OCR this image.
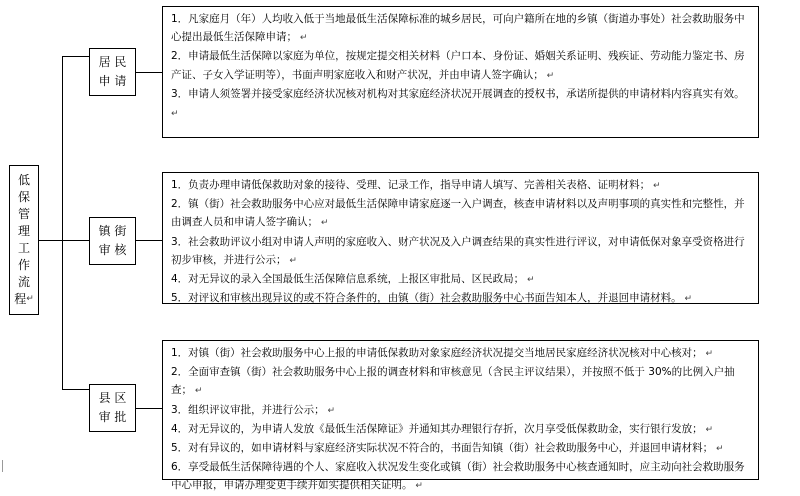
低
保
管
理
工
作
流
程 ↵
居 民
申 请

1．凡家庭月（年）人均收入低于当地最低生活保障标准的城乡居民，可向户籍所在地的乡镇（街道办事处）社会救助服务中心提出最低生活保障申请； ↵

2．申请最低生活保障以家庭为单位，按规定提交相关材料（户口本、身份证、婚姻关系证明、残疾证、劳动能力鉴定书、房产证、子女入学证明等），书面声明家庭收入和财产状况，并由申请人签字确认； ↵

3．申请人须签署并接受家庭经济状况核对机构对其家庭经济状况开展调查的授权书，承诺所提供的申请材料内容真实有效。 ↵

镇 街
审 核

1．负责办理申请低保救助对象的接待、受理、记录工作，指导申请人填写、完善相关表格、证明材料； ↵

2．镇（街）社会救助服务中心应对最低生活保障申请家庭逐一入户调查，核查申请材料以及声明事项的真实性和完整性，并由调查人员和申请人签字确认； ↵

3．社会救助评议小组对申请人声明的家庭收入、财产状况及入户调查结果的真实性进行评议，对申请低保对象享受资格进行初步审核，并进行公示； ↵

4．对无异议的录入全国最低生活保障信息系统，上报区审批局、区民政局； ↵

5．对评议和审核出现异议的或不符合条件的，由镇（街）社会救助服务中心书面告知本人，并退回申请材料。 ↵

县 区
审 批

1．对镇（街）社会救助服务中心上报的申请低保救助对象家庭经济状况提交当地居民家庭经济状况核对中心核对； ↵

2．全面审查镇（街）社会救助服务中心上报的调查材料和审核意见（含民主评议结果），并按照不低于 30%的比例入户抽查； ↵

3．组织评议审批，并进行公示； ↵

4．对无异议的，为申请人发放《最低生活保障证》并通知其办理银行存折，次月享受低保救助金，实行银行发放； ↵

5．对有异议的，如申请材料与家庭经济实际状况不符合的，书面告知镇（街）社会救助服务中心，并退回申请材料； ↵

6．享受最低生活保障待遇的个人、家庭收入状况发生变化或镇（街）社会救助服务中心核查通知时，应主动向社会救助服务中心申报，申请办理变更手续并如实提供相关证明。 ↵
